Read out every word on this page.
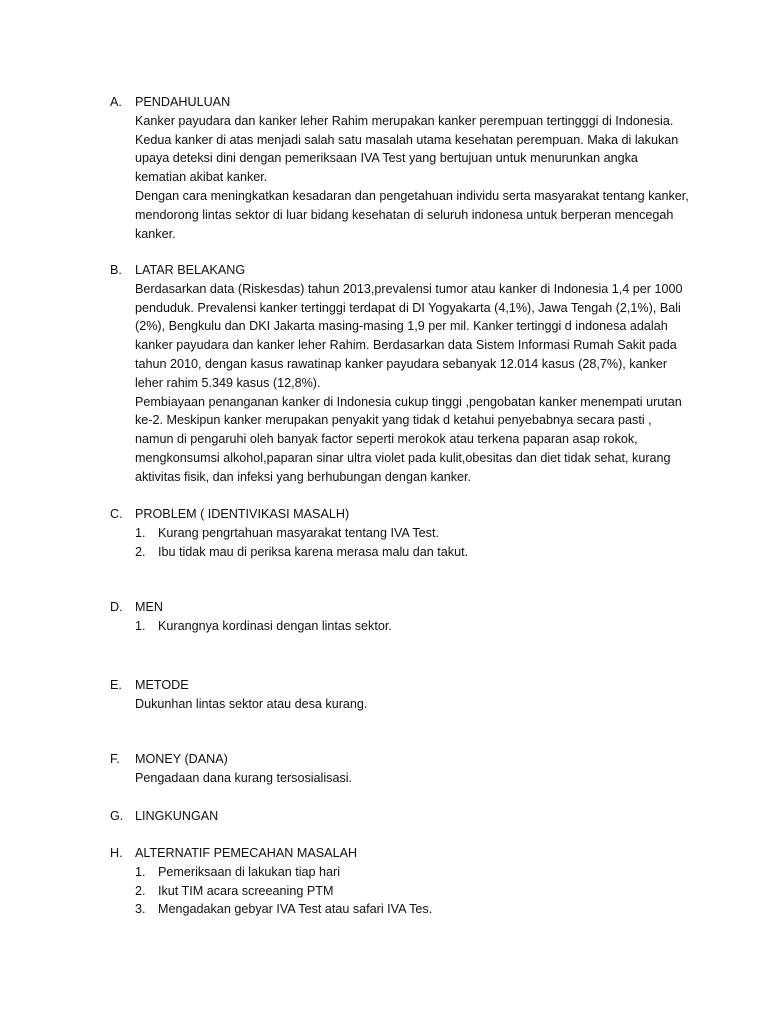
A.	PENDAHULUAN

Kanker payudara dan kanker leher Rahim merupakan kanker perempuan tertingggi di Indonesia. Kedua kanker di atas menjadi salah satu masalah utama kesehatan perempuan. Maka di lakukan upaya deteksi dini dengan pemeriksaan IVA Test yang bertujuan untuk menurunkan angka kematian akibat kanker.

Dengan cara meningkatkan kesadaran dan pengetahuan individu serta masyarakat tentang kanker, mendorong lintas sektor di luar bidang kesehatan di seluruh indonesa untuk berperan mencegah kanker.

B.	LATAR BELAKANG

Berdasarkan data (Riskesdas) tahun 2013,prevalensi tumor atau kanker di Indonesia 1,4 per 1000 penduduk. Prevalensi kanker tertinggi terdapat di DI Yogyakarta (4,1%), Jawa Tengah (2,1%), Bali (2%), Bengkulu dan DKI Jakarta masing-masing 1,9 per mil. Kanker tertinggi d indonesa adalah kanker payudara dan kanker leher Rahim. Berdasarkan data Sistem Informasi Rumah Sakit pada tahun 2010, dengan kasus rawatinap kanker payudara sebanyak 12.014 kasus (28,7%), kanker leher rahim 5.349 kasus (12,8%).

Pembiayaan penanganan kanker di Indonesia cukup tinggi ,pengobatan kanker menempati urutan ke-2. Meskipun kanker merupakan penyakit yang tidak d ketahui penyebabnya secara pasti , namun di pengaruhi oleh banyak factor seperti merokok atau terkena paparan asap rokok, mengkonsumsi alkohol,paparan sinar ultra violet pada kulit,obesitas dan diet tidak sehat, kurang aktivitas fisik, dan infeksi yang berhubungan dengan kanker.

C. PROBLEM ( IDENTIVIKASI MASALH)
1. Kurang pengrtahuan masyarakat tentang IVA Test.
2. Ibu tidak mau di periksa karena merasa malu dan takut.
D. MEN
1. Kurangnya kordinasi dengan lintas sektor.
E.	METODE

Dukunhan lintas sektor atau desa kurang.

F.	MONEY (DANA)

Pengadaan dana kurang tersosialisasi.

G. LINGKUNGAN
H. ALTERNATIF PEMECAHAN MASALAH
1. Pemeriksaan di lakukan tiap hari
2. Ikut TIM acara screeaning PTM
3. Mengadakan gebyar IVA Test atau safari IVA Tes.
